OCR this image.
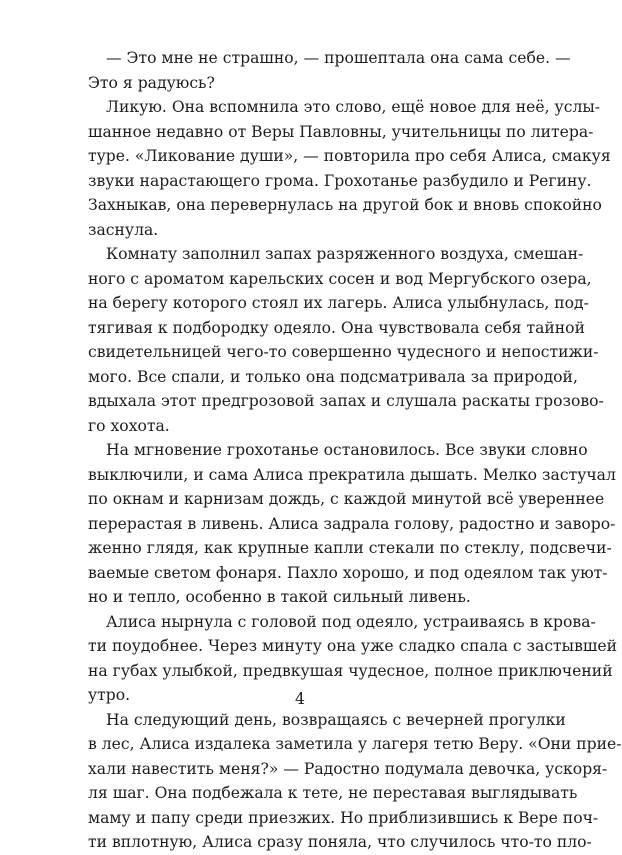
— Это мне не страшно, — прошептала она сама себе. —
Это я радуюсь?
Ликую. Она вспомнила это слово, ещё новое для неё, услы-
шанное недавно от Веры Павловны, учительницы по литера-
туре. «Ликование души», — повторила про себя Алиса, смакуя
звуки нарастающего грома. Грохотанье разбудило и Регину.
Захныкав, она перевернулась на другой бок и вновь спокойно
заснула.
Комнату заполнил запах разряженного воздуха, смешан-
ного с ароматом карельских сосен и вод Мергубского озера,
на берегу которого стоял их лагерь. Алиса улыбнулась, под-
тягивая к подбородку одеяло. Она чувствовала себя тайной
свидетельницей чего-то совершенно чудесного и непостижи-
мого. Все спали, и только она подсматривала за природой,
вдыхала этот предгрозовой запах и слушала раскаты грозово-
го хохота.
На мгновение грохотанье остановилось. Все звуки словно
выключили, и сама Алиса прекратила дышать. Мелко застучал
по окнам и карнизам дождь, с каждой минутой всё увереннее
перерастая в ливень. Алиса задрала голову, радостно и заворо-
женно глядя, как крупные капли стекали по стеклу, подсвечи-
ваемые светом фонаря. Пахло хорошо, и под одеялом так уют-
но и тепло, особенно в такой сильный ливень.
Алиса нырнула с головой под одеяло, устраиваясь в крова-
ти поудобнее. Через минуту она уже сладко спала с застывшей
на губах улыбкой, предвкушая чудесное, полное приключений
утро.
На следующий день, возвращаясь с вечерней прогулки
в лес, Алиса издалека заметила у лагеря тетю Веру. «Они прие-
хали навестить меня?» — Радостно подумала девочка, ускоря-
ля шаг. Она подбежала к тете, не переставая выглядывать
маму и папу среди приезжих. Но приблизившись к Вере поч-
ти вплотную, Алиса сразу поняла, что случилось что-то пло-
4
